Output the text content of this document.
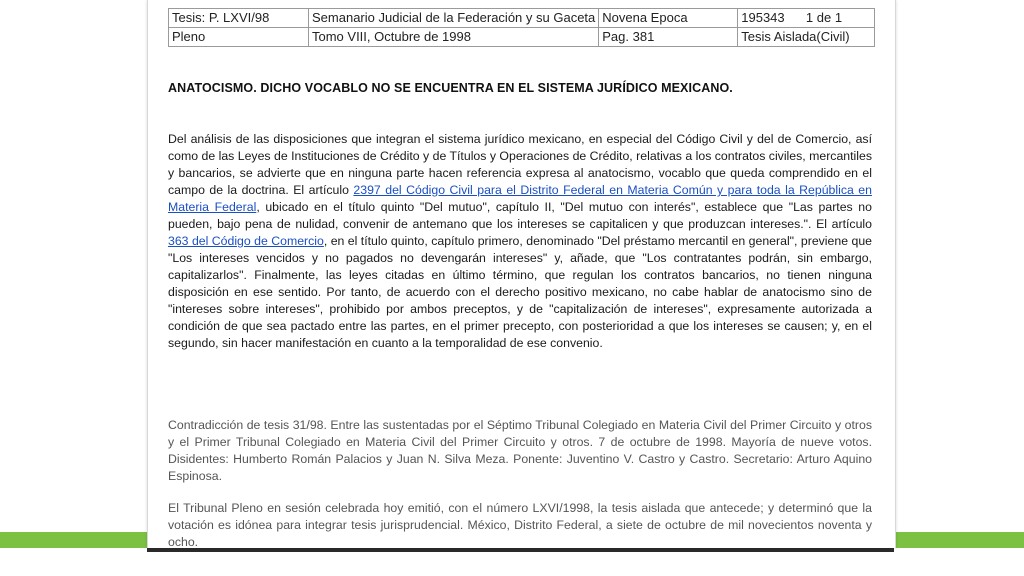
Tesis: P. LXVI/98	Semanario Judicial de la Federación y su Gaceta	Novena Epoca	195343 1 de 1
Pleno	Tomo VIII, Octubre de 1998	Pag. 381	Tesis Aislada(Civil)
ANATOCISMO. DICHO VOCABLO NO SE ENCUENTRA EN EL SISTEMA JURÍDICO MEXICANO.
Del análisis de las disposiciones que integran el sistema jurídico mexicano, en especial del Código Civil y del de Comercio, así como de las Leyes de Instituciones de Crédito y de Títulos y Operaciones de Crédito, relativas a los contratos civiles, mercantiles y bancarios, se advierte que en ninguna parte hacen referencia expresa al anatocismo, vocablo que queda comprendido en el campo de la doctrina. El artículo 2397 del Código Civil para el Distrito Federal en Materia Común y para toda la República en Materia Federal, ubicado en el título quinto "Del mutuo", capítulo II, "Del mutuo con interés", establece que "Las partes no pueden, bajo pena de nulidad, convenir de antemano que los intereses se capitalicen y que produzcan intereses.". El artículo 363 del Código de Comercio, en el título quinto, capítulo primero, denominado "Del préstamo mercantil en general", previene que "Los intereses vencidos y no pagados no devengarán intereses" y, añade, que "Los contratantes podrán, sin embargo, capitalizarlos". Finalmente, las leyes citadas en último término, que regulan los contratos bancarios, no tienen ninguna disposición en ese sentido. Por tanto, de acuerdo con el derecho positivo mexicano, no cabe hablar de anatocismo sino de "intereses sobre intereses", prohibido por ambos preceptos, y de "capitalización de intereses", expresamente autorizada a condición de que sea pactado entre las partes, en el primer precepto, con posterioridad a que los intereses se causen; y, en el segundo, sin hacer manifestación en cuanto a la temporalidad de ese convenio.
Contradicción de tesis 31/98. Entre las sustentadas por el Séptimo Tribunal Colegiado en Materia Civil del Primer Circuito y otros y el Primer Tribunal Colegiado en Materia Civil del Primer Circuito y otros. 7 de octubre de 1998. Mayoría de nueve votos. Disidentes: Humberto Román Palacios y Juan N. Silva Meza. Ponente: Juventino V. Castro y Castro. Secretario: Arturo Aquino Espinosa.
El Tribunal Pleno en sesión celebrada hoy emitió, con el número LXVI/1998, la tesis aislada que antecede; y determinó que la votación es idónea para integrar tesis jurisprudencial. México, Distrito Federal, a siete de octubre de mil novecientos noventa y ocho.
